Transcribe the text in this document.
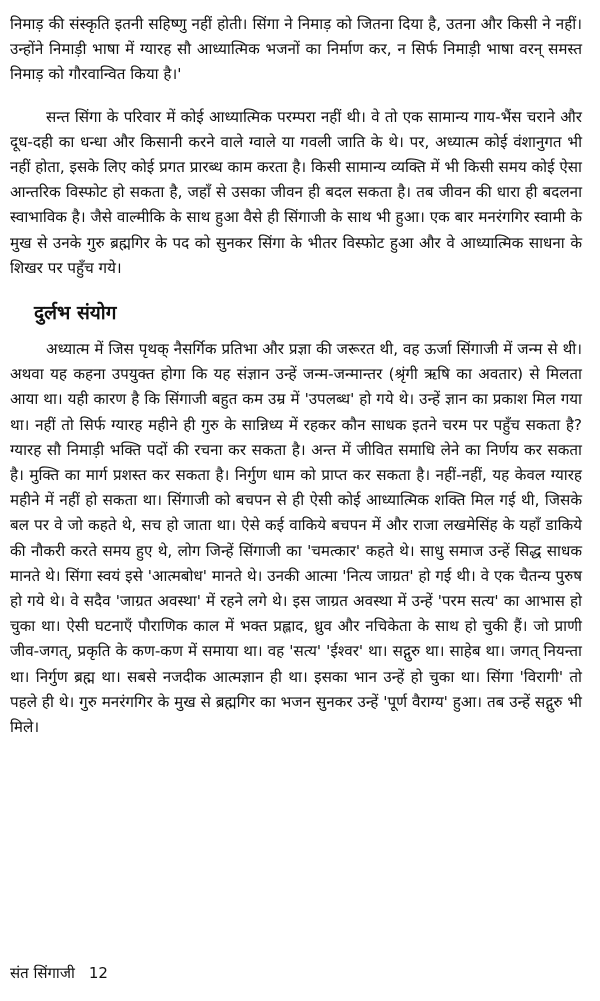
निमाड़ की संस्कृति इतनी सहिष्णु नहीं होती। सिंगा ने निमाड़ को जितना दिया है, उतना और किसी ने नहीं। उन्होंने निमाड़ी भाषा में ग्यारह सौ आध्यात्मिक भजनों का निर्माण कर, न सिर्फ निमाड़ी भाषा वरन् समस्त निमाड़ को गौरवान्वित किया है।'

सन्त सिंगा के परिवार में कोई आध्यात्मिक परम्परा नहीं थी। वे तो एक सामान्य गाय-भैंस चराने और दूध-दही का धन्धा और किसानी करने वाले ग्वाले या गवली जाति के थे। पर, अध्यात्म कोई वंशानुगत भी नहीं होता, इसके लिए कोई प्रगत प्रारब्ध काम करता है। किसी सामान्य व्यक्ति में भी किसी समय कोई ऐसा आन्तरिक विस्फोट हो सकता है, जहाँ से उसका जीवन ही बदल सकता है। तब जीवन की धारा ही बदलना स्वाभाविक है। जैसे वाल्मीकि के साथ हुआ वैसे ही सिंगाजी के साथ भी हुआ। एक बार मनरंगगिर स्वामी के मुख से उनके गुरु ब्रह्मगिर के पद को सुनकर सिंगा के भीतर विस्फोट हुआ और वे आध्यात्मिक साधना के शिखर पर पहुँच गये।

दुर्लभ संयोग

अध्यात्म में जिस पृथक् नैसर्गिक प्रतिभा और प्रज्ञा की जरूरत थी, वह ऊर्जा सिंगाजी में जन्म से थी। अथवा यह कहना उपयुक्त होगा कि यह संज्ञान उन्हें जन्म-जन्मान्तर (श्रृंगी ऋषि का अवतार) से मिलता आया था। यही कारण है कि सिंगाजी बहुत कम उम्र में 'उपलब्ध' हो गये थे। उन्हें ज्ञान का प्रकाश मिल गया था। नहीं तो सिर्फ ग्यारह महीने ही गुरु के सान्निध्य में रहकर कौन साधक इतने चरम पर पहुँच सकता है? ग्यारह सौ निमाड़ी भक्ति पदों की रचना कर सकता है। अन्त में जीवित समाधि लेने का निर्णय कर सकता है। मुक्ति का मार्ग प्रशस्त कर सकता है। निर्गुण धाम को प्राप्त कर सकता है। नहीं-नहीं, यह केवल ग्यारह महीने में नहीं हो सकता था। सिंगाजी को बचपन से ही ऐसी कोई आध्यात्मिक शक्ति मिल गई थी, जिसके बल पर वे जो कहते थे, सच हो जाता था। ऐसे कई वाकिये बचपन में और राजा लखमेसिंह के यहाँ डाकिये की नौकरी करते समय हुए थे, लोग जिन्हें सिंगाजी का 'चमत्कार' कहते थे। साधु समाज उन्हें सिद्ध साधक मानते थे। सिंगा स्वयं इसे 'आत्मबोध' मानते थे। उनकी आत्मा 'नित्य जाग्रत' हो गई थी। वे एक चैतन्य पुरुष हो गये थे। वे सदैव 'जाग्रत अवस्था' में रहने लगे थे। इस जाग्रत अवस्था में उन्हें 'परम सत्य' का आभास हो चुका था। ऐसी घटनाएँ पौराणिक काल में भक्त प्रह्लाद, ध्रुव और नचिकेता के साथ हो चुकी हैं। जो प्राणी जीव-जगत्, प्रकृति के कण-कण में समाया था। वह 'सत्य' 'ईश्वर' था। सद्गुरु था। साहेब था। जगत् नियन्ता था। निर्गुण ब्रह्म था। सबसे नजदीक आत्मज्ञान ही था। इसका भान उन्हें हो चुका था। सिंगा 'विरागी' तो पहले ही थे। गुरु मनरंगगिर के मुख से ब्रह्मगिर का भजन सुनकर उन्हें 'पूर्ण वैराग्य' हुआ। तब उन्हें सद्गुरु भी मिले।

संत सिंगाजी 12
